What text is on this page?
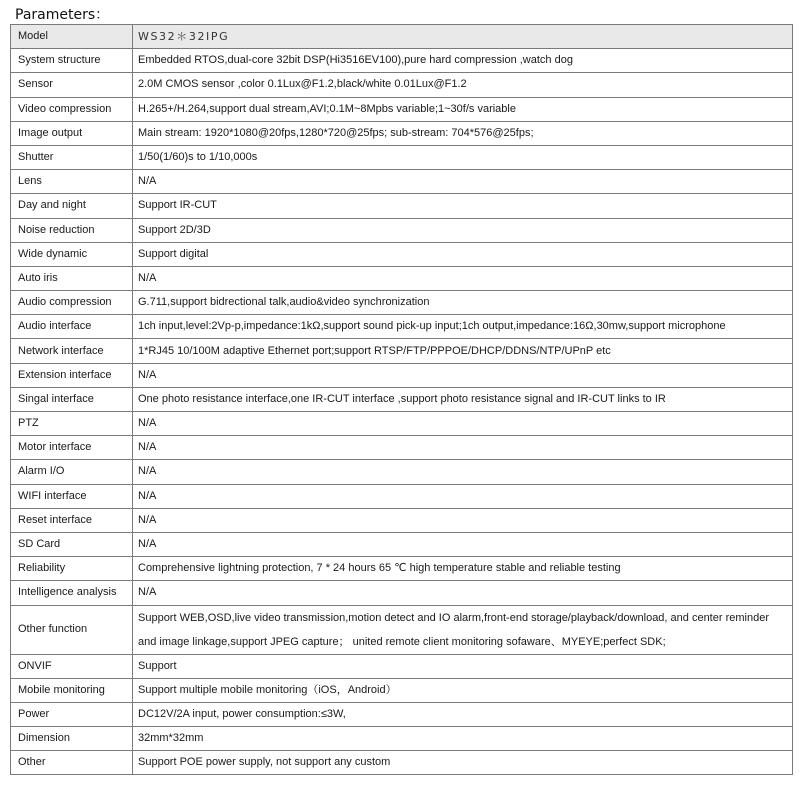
Parameters：
Model	WS32＊32IPG
System structure	Embedded RTOS,dual-core 32bit DSP(Hi3516EV100),pure hard compression ,watch dog
Sensor	2.0M CMOS sensor ,color 0.1Lux@F1.2,black/white 0.01Lux@F1.2
Video compression	H.265+/H.264,support dual stream,AVI;0.1M~8Mpbs variable;1~30f/s variable
Image output	Main stream: 1920*1080@20fps,1280*720@25fps; sub-stream: 704*576@25fps;
Shutter	1/50(1/60)s to 1/10,000s
Lens	N/A
Day and night	Support IR-CUT
Noise reduction	Support 2D/3D
Wide dynamic	Support digital
Auto iris	N/A
Audio compression	G.711,support bidrectional talk,audio&video synchronization
Audio interface	1ch input,level:2Vp-p,impedance:1kΩ,support sound pick-up input;1ch output,impedance:16Ω,30mw,support microphone
Network interface	1*RJ45 10/100M adaptive Ethernet port;support RTSP/FTP/PPPOE/DHCP/DDNS/NTP/UPnP etc
Extension interface	N/A
Singal interface	One photo resistance interface,one IR-CUT interface ,support photo resistance signal and IR-CUT links to IR
PTZ	N/A
Motor interface	N/A
Alarm I/O	N/A
WIFI interface	N/A
Reset interface	N/A
SD Card	N/A
Reliability	Comprehensive lightning protection, 7 * 24 hours 65 ℃ high temperature stable and reliable testing
Intelligence analysis	N/A
Other function	Support WEB,OSD,live video transmission,motion detect and IO alarm,front-end storage/playback/download, and center reminder and image linkage,support JPEG capture； united remote client monitoring sofaware、MYEYE;perfect SDK;
ONVIF	Support
Mobile monitoring	Support multiple mobile monitoring（iOS，Android）
Power	DC12V/2A input, power consumption:≤3W,
Dimension	32mm*32mm
Other	Support POE power supply, not support any custom
